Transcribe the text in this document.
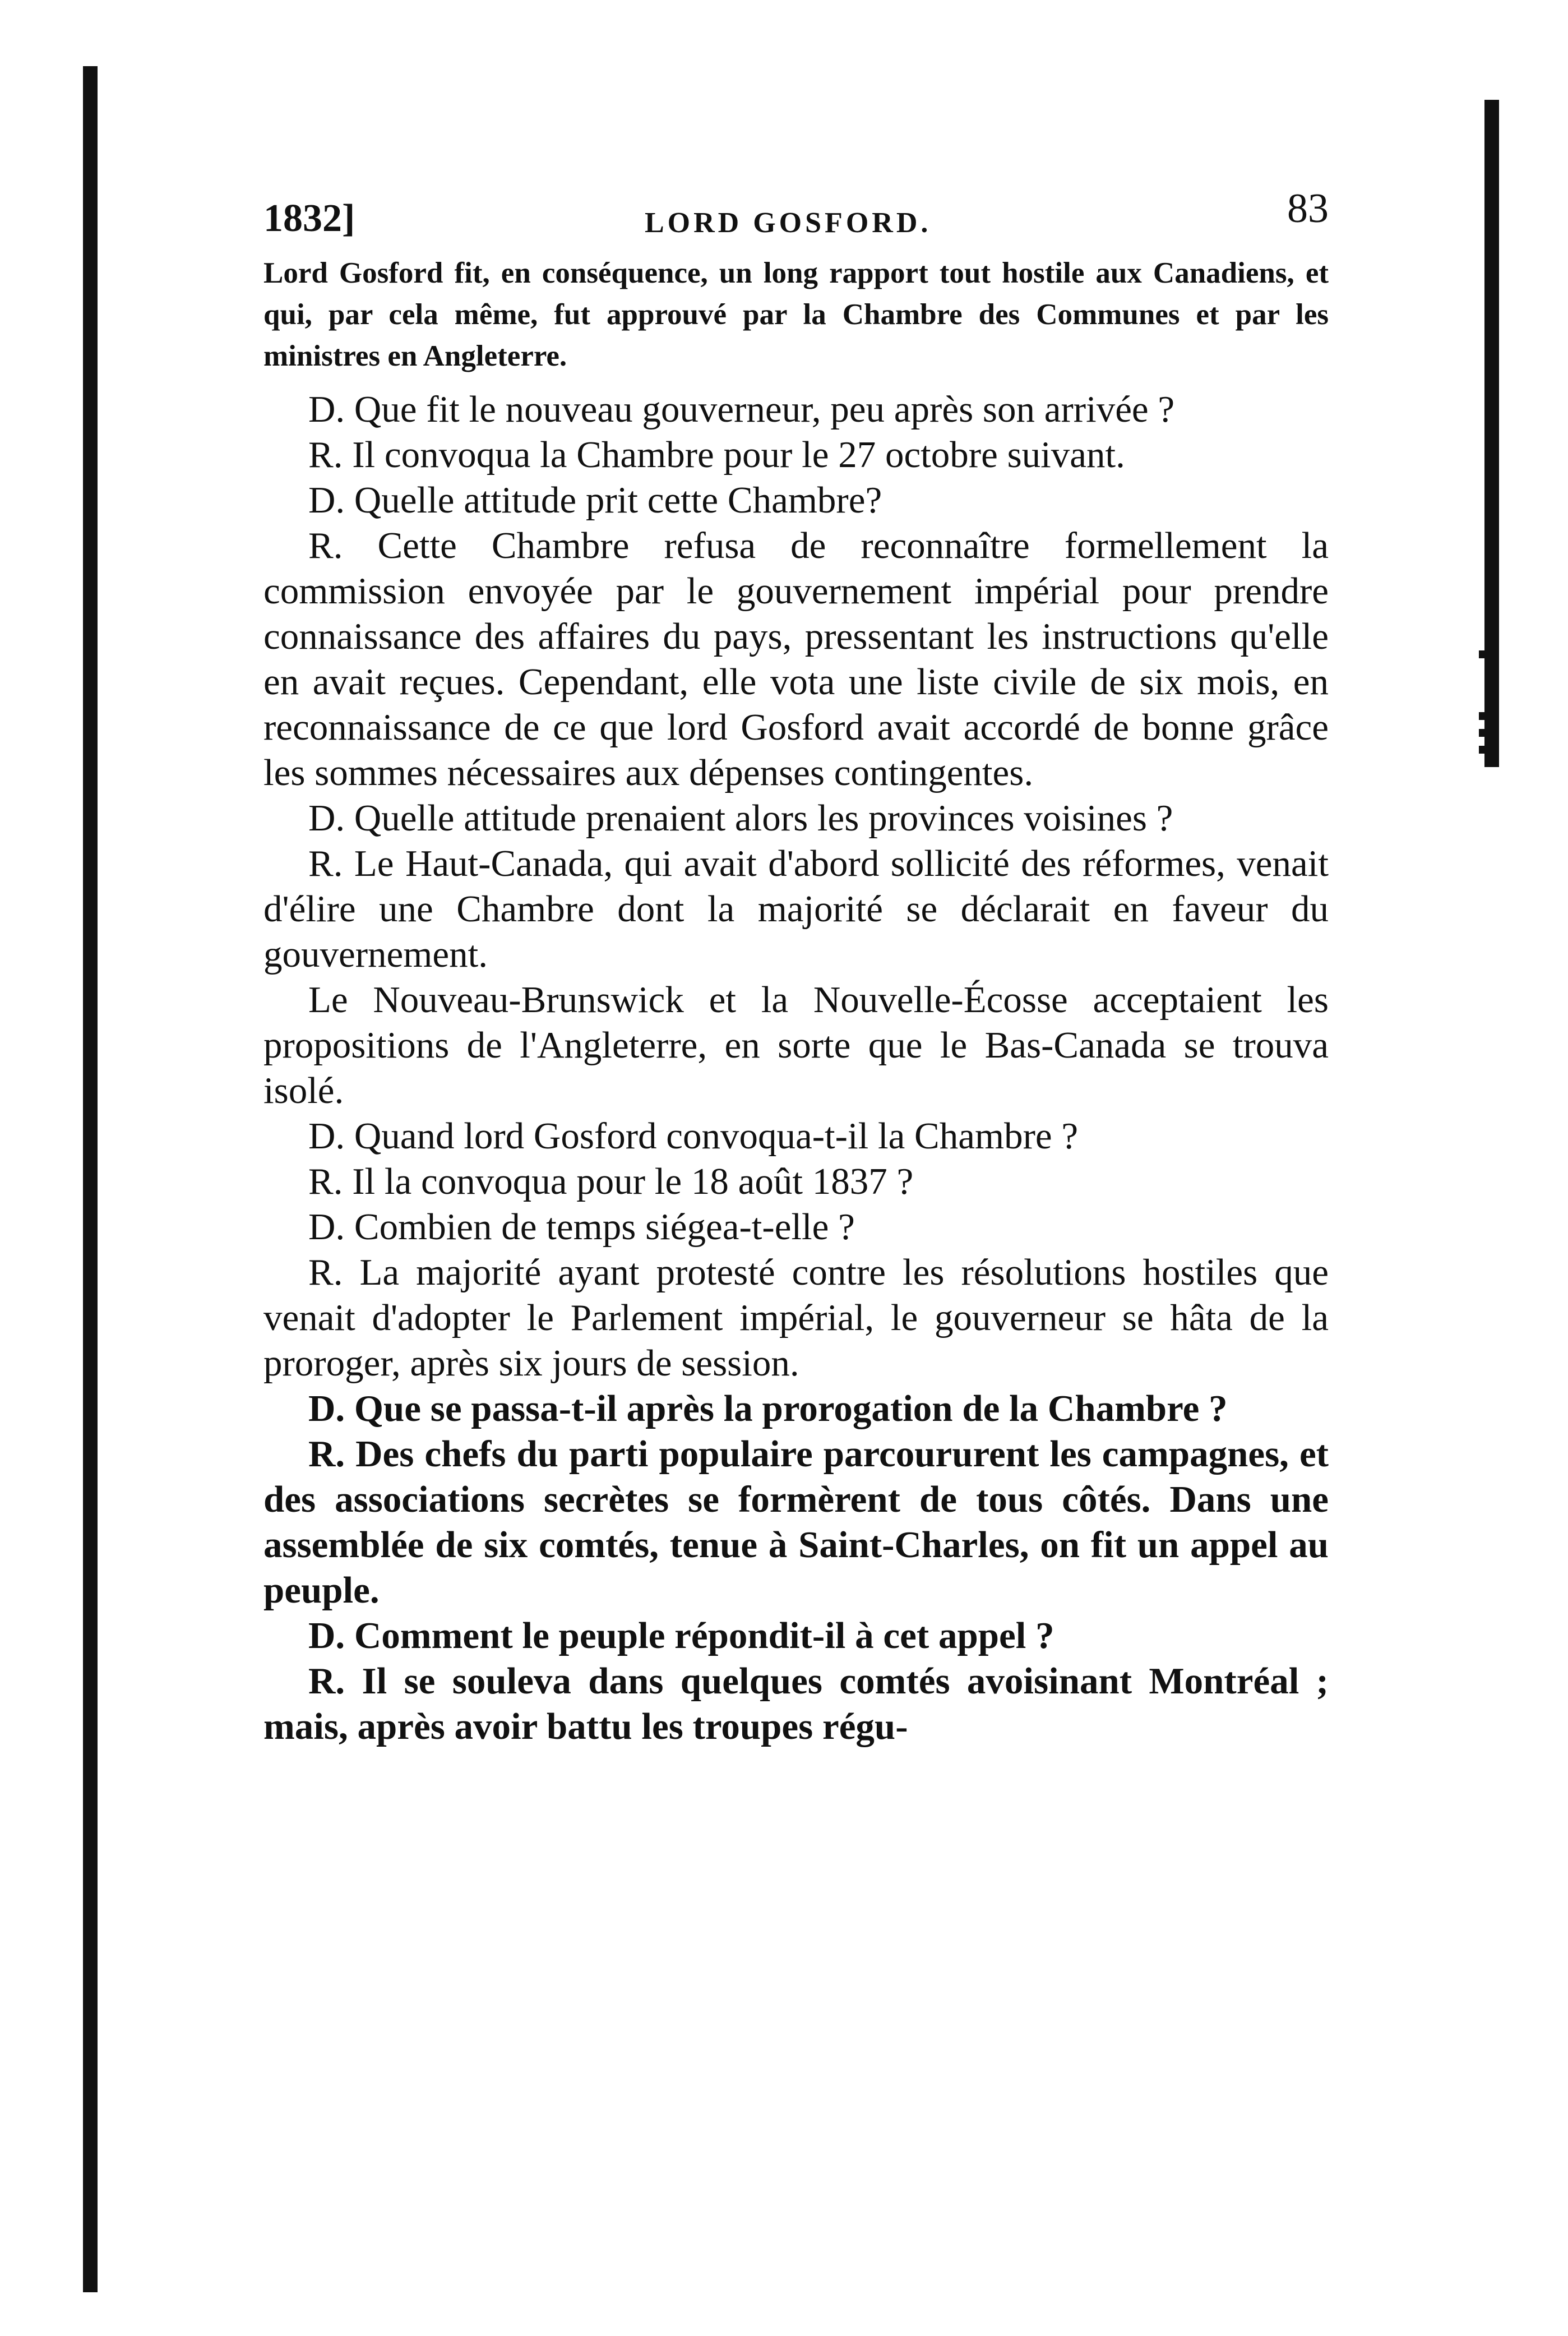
1832]	LORD GOSFORD.	83

Lord Gosford fit, en conséquence, un long rapport tout hostile aux Canadiens, et qui, par cela même, fut approuvé par la Chambre des Communes et par les ministres en Angleterre.

D. Que fit le nouveau gouverneur, peu après son arrivée ?

R. Il convoqua la Chambre pour le 27 octobre suivant.

D. Quelle attitude prit cette Chambre?

R. Cette Chambre refusa de reconnaître formellement la commission envoyée par le gouvernement impérial pour prendre connaissance des affaires du pays, pressentant les instructions qu'elle en avait reçues. Cependant, elle vota une liste civile de six mois, en reconnaissance de ce que lord Gosford avait accordé de bonne grâce les sommes nécessaires aux dépenses contingentes.

D. Quelle attitude prenaient alors les provinces voisines ?

R. Le Haut-Canada, qui avait d'abord sollicité des réformes, venait d'élire une Chambre dont la majorité se déclarait en faveur du gouvernement.

Le Nouveau-Brunswick et la Nouvelle-Écosse acceptaient les propositions de l'Angleterre, en sorte que le Bas-Canada se trouva isolé.

D. Quand lord Gosford convoqua-t-il la Chambre ?

R. Il la convoqua pour le 18 août 1837 ?

D. Combien de temps siégea-t-elle ?

R. La majorité ayant protesté contre les résolutions hostiles que venait d'adopter le Parlement impérial, le gouverneur se hâta de la proroger, après six jours de session.

D. Que se passa-t-il après la prorogation de la Chambre ?

R. Des chefs du parti populaire parcoururent les campagnes, et des associations secrètes se formèrent de tous côtés. Dans une assemblée de six comtés, tenue à Saint-Charles, on fit un appel au peuple.

D. Comment le peuple répondit-il à cet appel ?

R. Il se souleva dans quelques comtés avoisinant Montréal ; mais, après avoir battu les troupes régu-
